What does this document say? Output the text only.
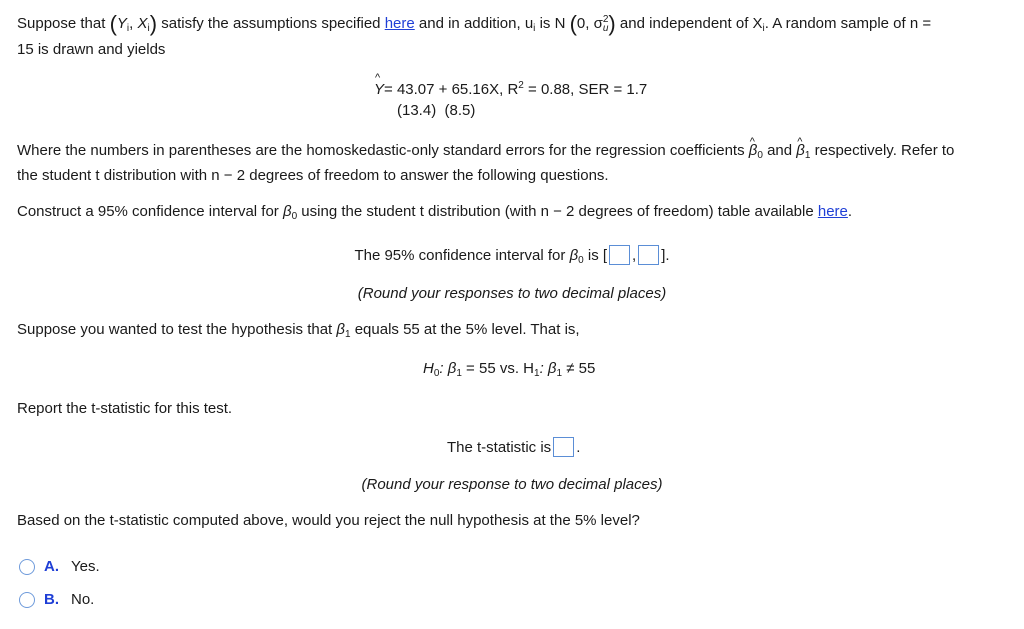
Suppose that ($Y_i$, $X_i$) satisfy the assumptions specified here and in addition, $u_i$ is N (0, σ 2
u ) and independent of $X_i$. A random sample of n =
15 is drawn and yields
^ Y= 43.07 + 65.16X, $R^2 = 0.88$, SER = 1.7
(13.4)  (8.5)
Where the numbers in parentheses are the homoskedastic-only standard errors for the regression coefficients ^ $\beta_0$ and ^ $\beta_1$ respectively. Refer to
the student t distribution with n − 2 degrees of freedom to answer the following questions.
Construct a 95% confidence interval for $\beta_0$ using the student t distribution (with n − 2 degrees of freedom) table available here.
The 95% confidence interval for $\beta_0$ is [ , ].
(Round your responses to two decimal places)
Suppose you wanted to test the hypothesis that $\beta_1$ equals 55 at the 5% level. That is,
$H_0$: $\beta_1 = 55$ vs. $H_1$: $\beta_1 \ne 55$
Report the t-statistic for this test.
The t-statistic is .
(Round your response to two decimal places)
Based on the t-statistic computed above, would you reject the null hypothesis at the 5% level?
A. Yes.
B. No.
